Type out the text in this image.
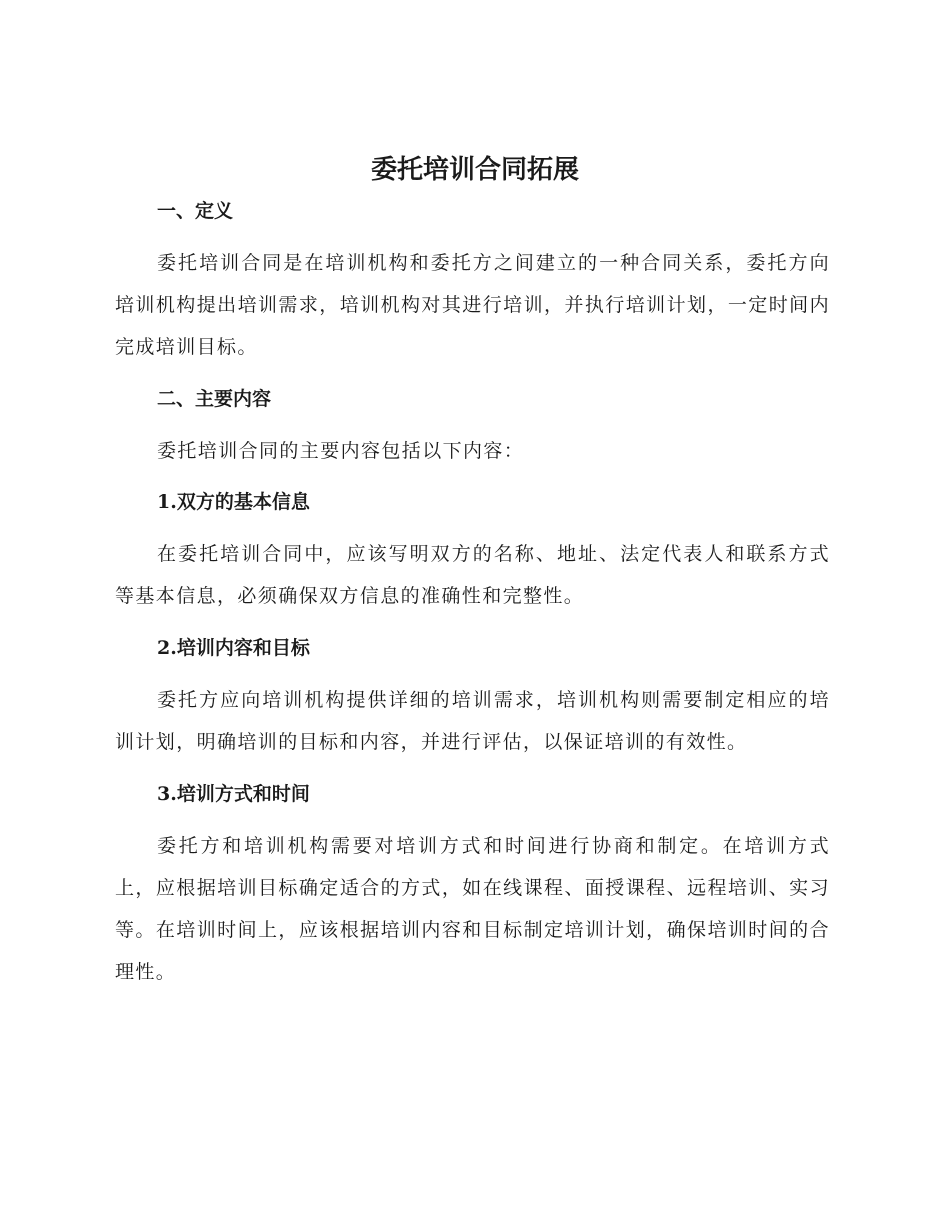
委托培训合同拓展
一、定义

委托培训合同是在培训机构和委托方之间建立的一种合同关系，委托方向培训机构提出培训需求，培训机构对其进行培训，并执行培训计划，一定时间内完成培训目标。

二、主要内容

委托培训合同的主要内容包括以下内容：

1.双方的基本信息

在委托培训合同中，应该写明双方的名称、地址、法定代表人和联系方式等基本信息，必须确保双方信息的准确性和完整性。

2.培训内容和目标

委托方应向培训机构提供详细的培训需求，培训机构则需要制定相应的培训计划，明确培训的目标和内容，并进行评估，以保证培训的有效性。

3.培训方式和时间

委托方和培训机构需要对培训方式和时间进行协商和制定。在培训方式上，应根据培训目标确定适合的方式，如在线课程、面授课程、远程培训、实习等。在培训时间上，应该根据培训内容和目标制定培训计划，确保培训时间的合理性。
